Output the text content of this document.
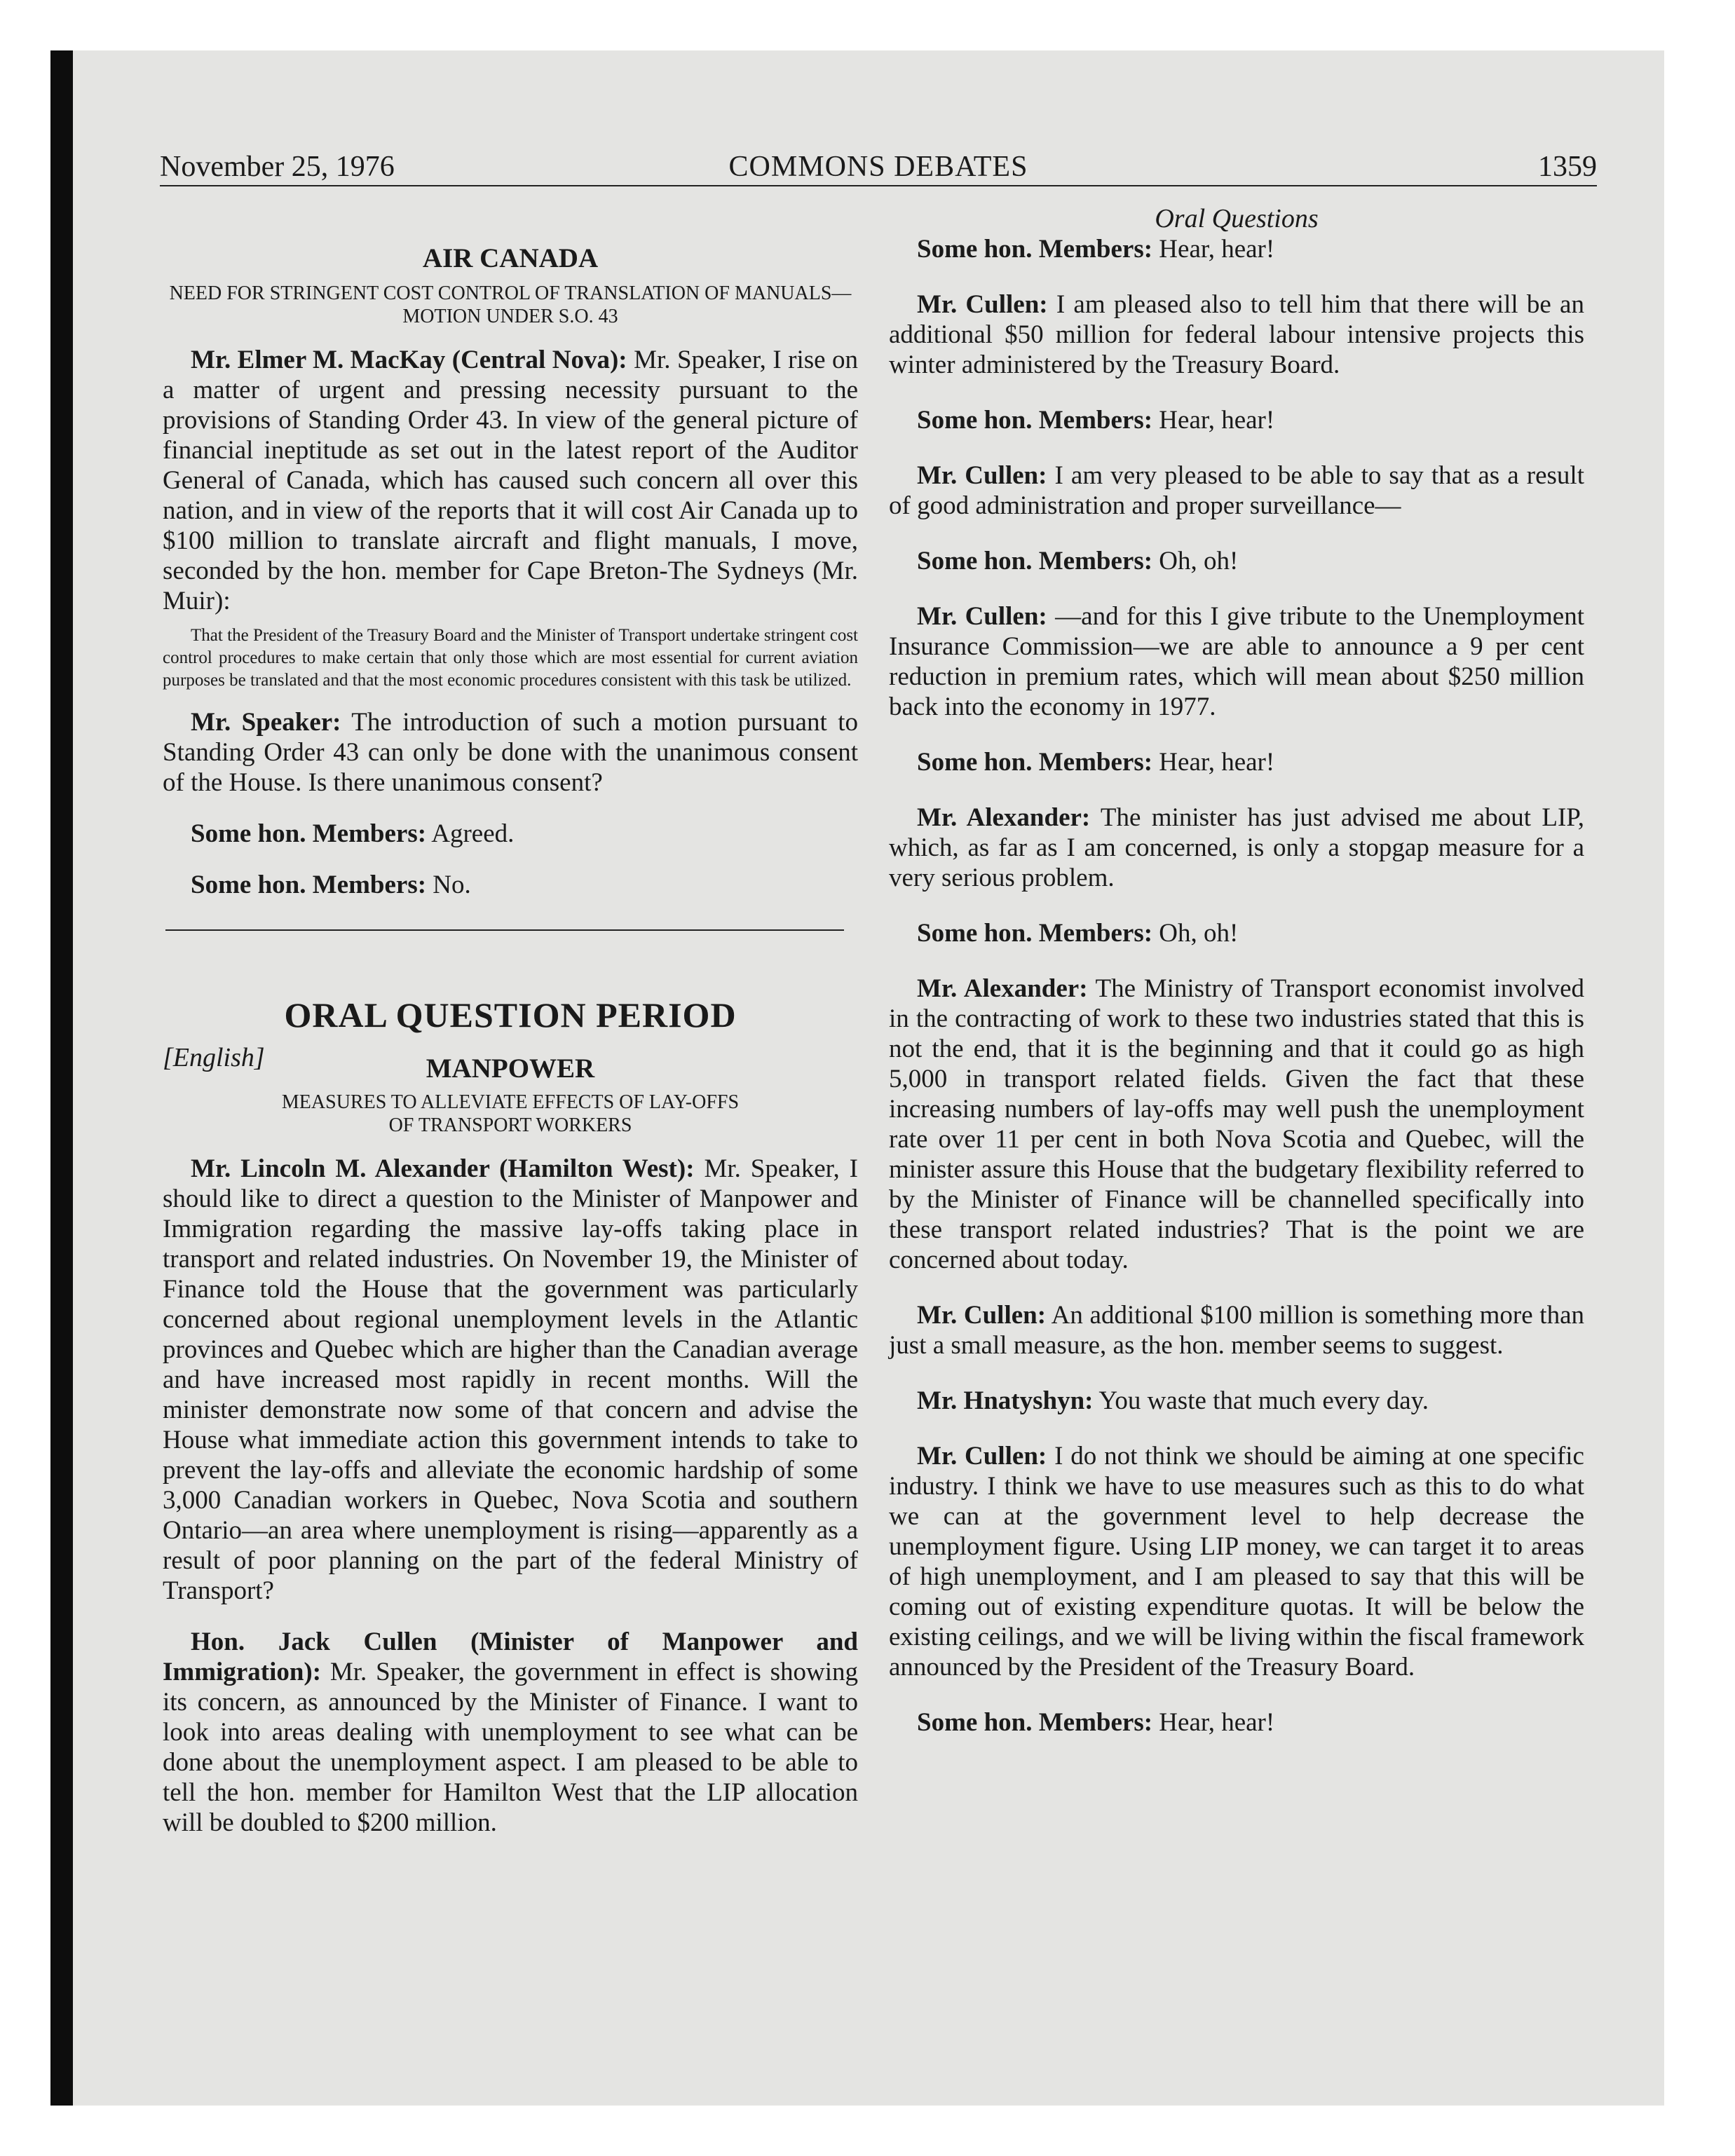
November 25, 1976	COMMONS DEBATES	1359

AIR CANADA

NEED FOR STRINGENT COST CONTROL OF TRANSLATION OF MANUALS—MOTION UNDER S.O. 43

Mr. Elmer M. MacKay (Central Nova): Mr. Speaker, I rise on a matter of urgent and pressing necessity pursuant to the provisions of Standing Order 43. In view of the general picture of financial ineptitude as set out in the latest report of the Auditor General of Canada, which has caused such concern all over this nation, and in view of the reports that it will cost Air Canada up to $100 million to translate aircraft and flight manuals, I move, seconded by the hon. member for Cape Breton-The Sydneys (Mr. Muir):

That the President of the Treasury Board and the Minister of Transport undertake stringent cost control procedures to make certain that only those which are most essential for current aviation purposes be translated and that the most economic procedures consistent with this task be utilized.

Mr. Speaker: The introduction of such a motion pursuant to Standing Order 43 can only be done with the unanimous consent of the House. Is there unanimous consent?

Some hon. Members: Agreed.

Some hon. Members: No.

ORAL QUESTION PERIOD

[English]	MANPOWER

MEASURES TO ALLEVIATE EFFECTS OF LAY-OFFS OF TRANSPORT WORKERS

Mr. Lincoln M. Alexander (Hamilton West): Mr. Speaker, I should like to direct a question to the Minister of Manpower and Immigration regarding the massive lay-offs taking place in transport and related industries. On November 19, the Minister of Finance told the House that the government was particularly concerned about regional unemployment levels in the Atlantic provinces and Quebec which are higher than the Canadian average and have increased most rapidly in recent months. Will the minister demonstrate now some of that concern and advise the House what immediate action this government intends to take to prevent the lay-offs and alleviate the economic hardship of some 3,000 Canadian workers in Quebec, Nova Scotia and southern Ontario—an area where unemployment is rising—apparently as a result of poor planning on the part of the federal Ministry of Transport?

Hon. Jack Cullen (Minister of Manpower and Immigration): Mr. Speaker, the government in effect is showing its concern, as announced by the Minister of Finance. I want to look into areas dealing with unemployment to see what can be done about the unemployment aspect. I am pleased to be able to tell the hon. member for Hamilton West that the LIP allocation will be doubled to $200 million.

Oral Questions

Some hon. Members: Hear, hear!

Mr. Cullen: I am pleased also to tell him that there will be an additional $50 million for federal labour intensive projects this winter administered by the Treasury Board.

Some hon. Members: Hear, hear!

Mr. Cullen: I am very pleased to be able to say that as a result of good administration and proper surveillance—

Some hon. Members: Oh, oh!

Mr. Cullen: —and for this I give tribute to the Unemployment Insurance Commission—we are able to announce a 9 per cent reduction in premium rates, which will mean about $250 million back into the economy in 1977.

Some hon. Members: Hear, hear!

Mr. Alexander: The minister has just advised me about LIP, which, as far as I am concerned, is only a stopgap measure for a very serious problem.

Some hon. Members: Oh, oh!

Mr. Alexander: The Ministry of Transport economist involved in the contracting of work to these two industries stated that this is not the end, that it is the beginning and that it could go as high 5,000 in transport related fields. Given the fact that these increasing numbers of lay-offs may well push the unemployment rate over 11 per cent in both Nova Scotia and Quebec, will the minister assure this House that the budgetary flexibility referred to by the Minister of Finance will be channelled specifically into these transport related industries? That is the point we are concerned about today.

Mr. Cullen: An additional $100 million is something more than just a small measure, as the hon. member seems to suggest.

Mr. Hnatyshyn: You waste that much every day.

Mr. Cullen: I do not think we should be aiming at one specific industry. I think we have to use measures such as this to do what we can at the government level to help decrease the unemployment figure. Using LIP money, we can target it to areas of high unemployment, and I am pleased to say that this will be coming out of existing expenditure quotas. It will be below the existing ceilings, and we will be living within the fiscal framework announced by the President of the Treasury Board.

Some hon. Members: Hear, hear!
